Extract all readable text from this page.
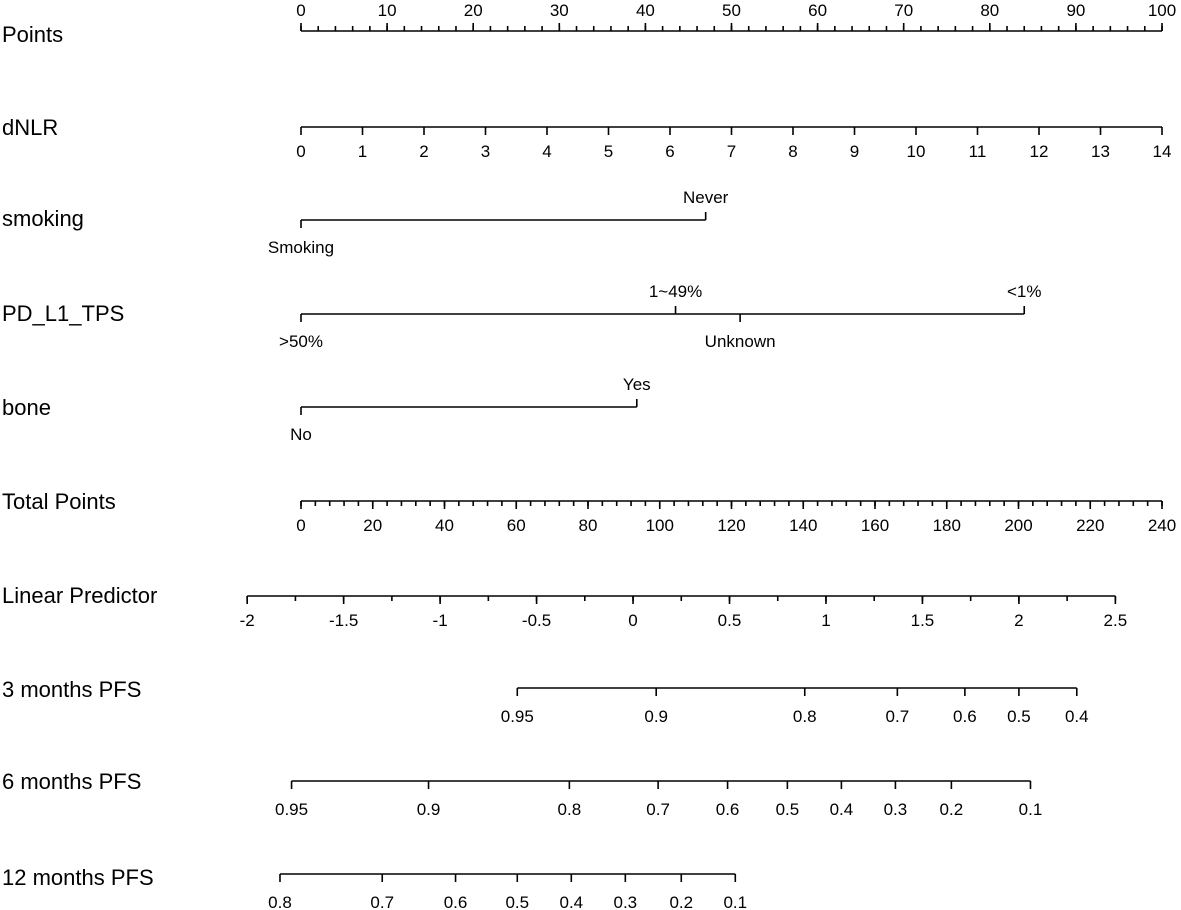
Points
0	10	20	30	40	50	60	70	80	90	100
dNLR
0	1	2	3	4	5	6	7	8	9	10	11	12	13	14
smoking
Smoking
Never
PD_L1_TPS
>50%
1~49%
Unknown
<1%
bone
No
Yes
Total Points
0	20	40	60	80	100	120	140	160	180	200	220	240
Linear Predictor
-2	-1.5	-1	-0.5	0	0.5	1	1.5	2	2.5
3 months PFS
0.95	0.9	0.8	0.7	0.6 0.5 0.4
6 months PFS
0.95	0.9	0.8	0.7	0.6 0.5 0.4 0.3 0.2	0.1
12 months PFS
0.8	0.7	0.6 0.5 0.4 0.3 0.2 0.1
